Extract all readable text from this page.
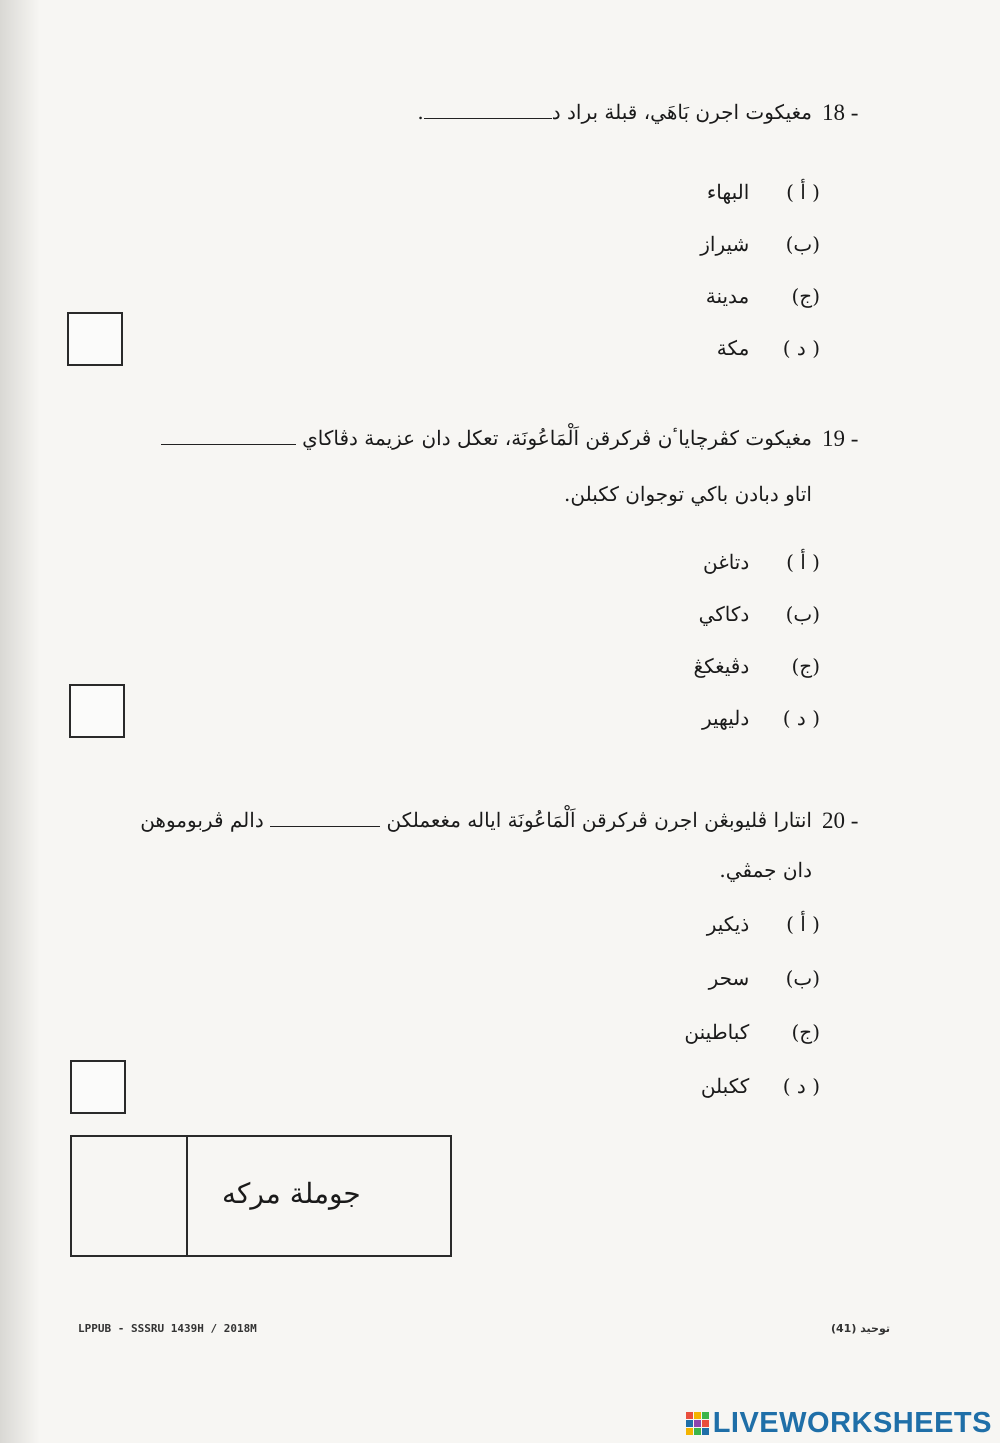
18 -
مغيکوت اجرن بَاهَي، قبلة براد د.
( أ )  البهاء
(ب)  شيراز
(ج)  مدينة
( د )  مكة
19 -
مغيکوت کڤرچاياٴن ڤرکرقن اَلْمَاعُونَة، تعکل دان عزيمة دڤاكاي
اتاو دبادن باکي توجوان ککبلن.
( أ )  دتاغن
(ب)  دکاکي
(ج)  دڤيغکڠ
( د )  دليهير
20 -
انتارا ڤليوبڠن اجرن ڤرکرقن اَلْمَاعُونَة اياله مغعملکن  دالم ڤربوموهن
دان جمڤي.
( أ )  ذيكير
(ب)  سحر
(ج)  کباطينن
( د )  ککبلن
جوملة مركه
LPPUB - SSSRU 1439H / 2018M	توحيد (41)
LIVEWORKSHEETS
